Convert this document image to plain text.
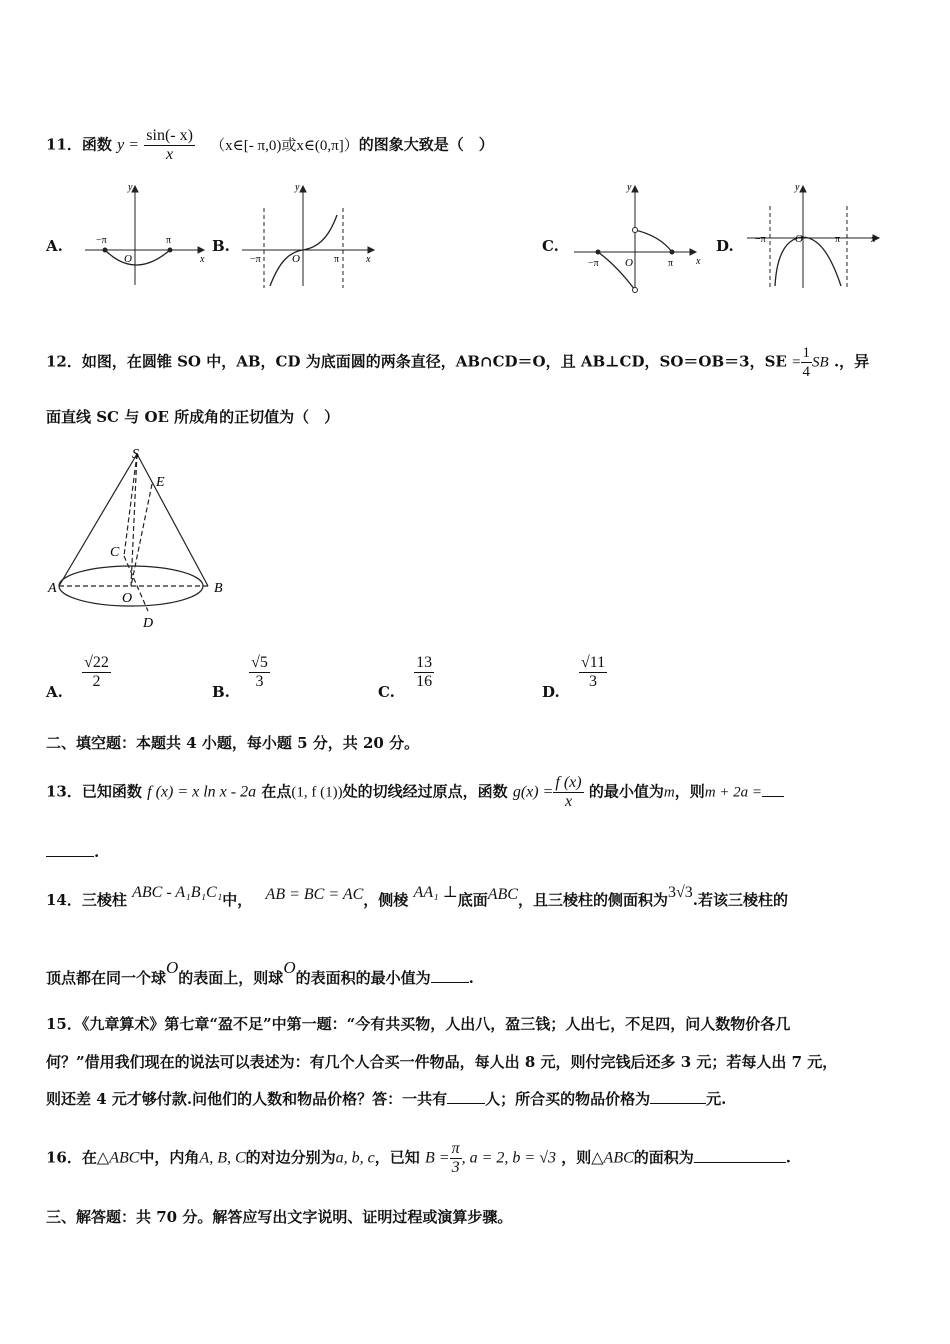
11．函数 $y = \frac{\sin(- x)}{x}$ （x∈[- π,0)或x∈(0,π]）的图象大致是（　）
A.	B.	C.	D.
−π	π
O	x
y
−π	π
O	x
y
−π	π
O	x
y
−π	π
O	x
y
12．如图，在圆锥 SO 中，AB，CD 为底面圆的两条直径，AB∩CD＝O，且 AB⊥CD，SO＝OB＝3，SE = $\frac{1}{4}$ SB .，异
面直线 SC 与 OE 所成角的正切值为（　）
S
E
C
A
O
B
D
A.
$\frac{√22}{2}$
B.
$\frac{√5}{3}$
C.
$\frac{13}{16}$
D.
$\frac{√11}{3}$
二、填空题：本题共 4 小题，每小题 5 分，共 20 分。
13．已知函数 f (x) = x ln x - 2a 在点(1, f (1))处的切线经过原点，函数 $g(x) = \frac{f (x)}{x}$ 的最小值为m，则m + 2a =
.
14．三棱柱 ABC - A₁B₁C₁中， AB = BC = AC，侧棱 AA₁ ⊥底面ABC，且三棱柱的侧面积为3√3.若该三棱柱的
顶点都在同一个球O的表面上，则球O的表面积的最小值为	.
15．《九章算术》第七章“盈不足”中第一题：“今有共买物，人出八，盈三钱；人出七，不足四，问人数物价各几
何？”借用我们现在的说法可以表述为：有几个人合买一件物品，每人出 8 元，则付完钱后还多 3 元；若每人出 7 元，
则还差 4 元才够付款.问他们的人数和物品价格？答：一共有	人；所合买的物品价格为	元.
16．在△ABC中，内角A, B, C的对边分别为a, b, c，已知 $B = \frac{\pi}{3}$ , a = 2, b = √3 ，则△ABC的面积为	.
三、解答题：共 70 分。解答应写出文字说明、证明过程或演算步骤。
